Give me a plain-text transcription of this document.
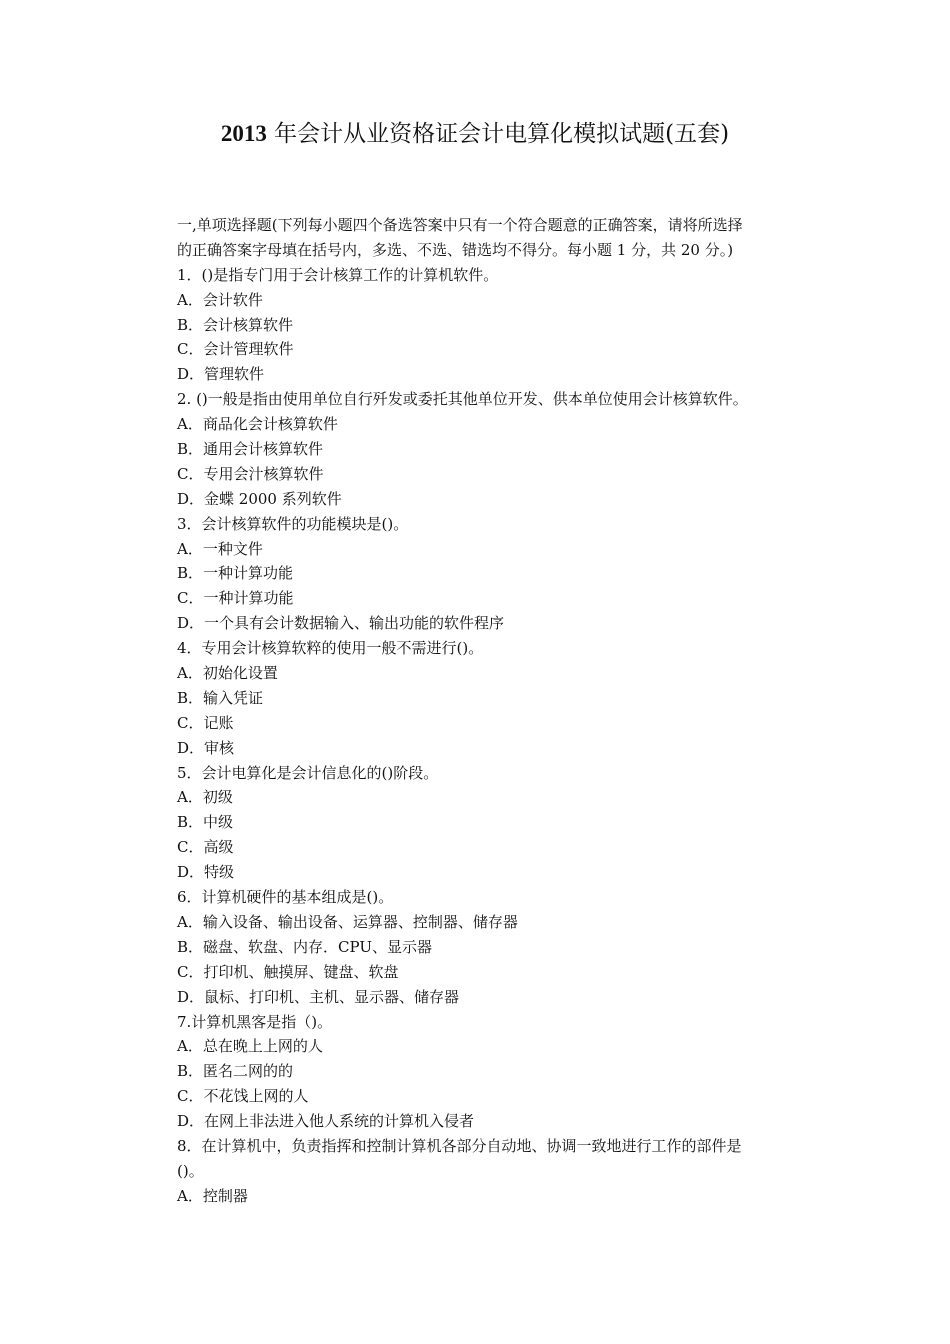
2013 年会计从业资格证会计电算化模拟试题(五套)
一,单项选择题(下列每小题四个备选答案中只有一个符合题意的正确答案，请将所选择
的正确答案字母填在括号内，多选、不选、错选均不得分。每小题 1 分，共 20 分。)
1．()是指专门用于会计核算工作的计算机软件。
A．会计软件
B．会计核算软件
C．会计管理软件
D．管理软件
2. ()一般是指由使用单位自行歼发或委托其他单位开发、供本单位使用会计核算软件。
A．商品化会计核算软件
B．通用会计核算软件
C．专用会汁核算软件
D．金蝶 2000 系列软件
3．会计核算软件的功能模块是()。
A．一种文件
B．一种计算功能
C．一种计算功能
D．一个具有会计数据输入、输出功能的软件程序
4．专用会计核算软粹的使用一般不需进行()。
A．初始化设置
B．输入凭证
C．记账
D．审核
5．会计电算化是会计信息化的()阶段。
A．初级
B．中级
C．高级
D．特级
6．计算机硬件的基本组成是()。
A．输入设备、输出设备、运算器、控制器、储存器
B．磁盘、软盘、内存．CPU、显示器
C．打印机、触摸屏、键盘、软盘
D．鼠标、打印机、主机、显示器、储存器
7.计算机黑客是指（)。
A．总在晚上上网的人
B．匿名二网的的
C．不花饯上网的人
D．在网上非法进入他人系统的计算机入侵者
8．在计算机中，负责指挥和控制计算机各部分自动地、协调一致地进行工作的部件是
()。
A．控制器
